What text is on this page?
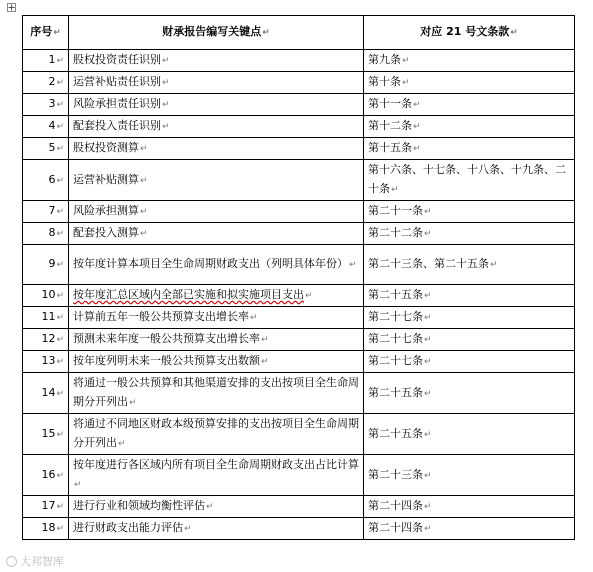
序号↵	财承报告编写关键点↵	对应 21 号文条款↵
1↵	股权投资责任识别↵	第九条↵
2↵	运营补贴责任识别↵	第十条↵
3↵	风险承担责任识别↵	第十一条↵
4↵	配套投入责任识别↵	第十二条↵
5↵	股权投资测算↵	第十五条↵
6↵	运营补贴测算↵	第十六条、十七条、十八条、十九条、二十条↵
7↵	风险承担测算↵	第二十一条↵
8↵	配套投入测算↵	第二十二条↵
9↵	按年度计算本项目全生命周期财政支出（列明具体年份）↵	第二十三条、第二十五条↵
10↵	按年度汇总区域内全部已实施和拟实施项目支出↵	第二十五条↵
11↵	计算前五年一般公共预算支出增长率↵	第二十七条↵
12↵	预测未来年度一般公共预算支出增长率↵	第二十七条↵
13↵	按年度列明未来一般公共预算支出数额↵	第二十七条↵
14↵	将通过一般公共预算和其他渠道安排的支出按项目全生命周期分开列出↵	第二十五条↵
15↵	将通过不同地区财政本级预算安排的支出按项目全生命周期分开列出↵	第二十五条↵
16↵	按年度进行各区域内所有项目全生命周期财政支出占比计算↵	第二十三条↵
17↵	进行行业和领域均衡性评估↵	第二十四条↵
18↵	进行财政支出能力评估↵	第二十四条↵
大邦智库
